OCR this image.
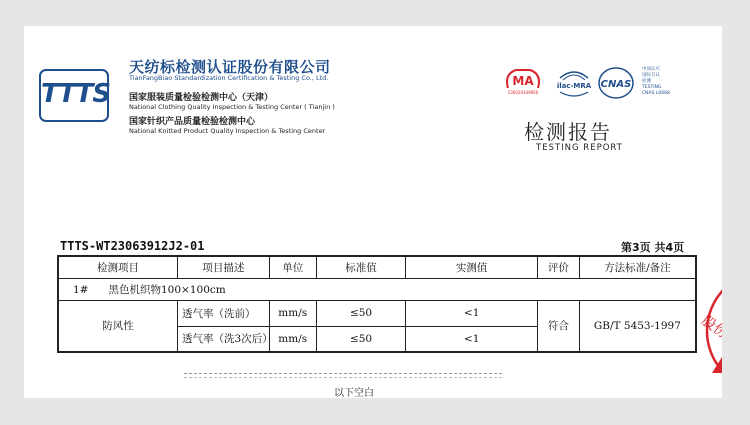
TTTS
天纺标检测认证股份有限公司
TianFangBiao Standardization Certification & Testing Co., Ltd.
国家服装质量检验检测中心（天津）
National Clothing Quality Inspection & Testing Center ( Tianjin )
国家针织产品质量检验检测中心
National Knitted Product Quality Inspection & Testing Center
MA
230020349666
ilac-MRA CNAS
中国认可
国际互认
检测
TESTING
CNAS L0668
检测报告
TESTING REPORT
TTTS-WT23063912J2-01	第3页 共4页
检测项目	项目描述	单位	标准值	实测值	评价	方法标准/备注
1#      黑色机织物100×100cm						
防风性	透气率（洗前）	mm/s	≤50	<1	符合	GB/T 5453-1997
	透气率（洗3次后）	mm/s	≤50	<1		
以下空白
股份
